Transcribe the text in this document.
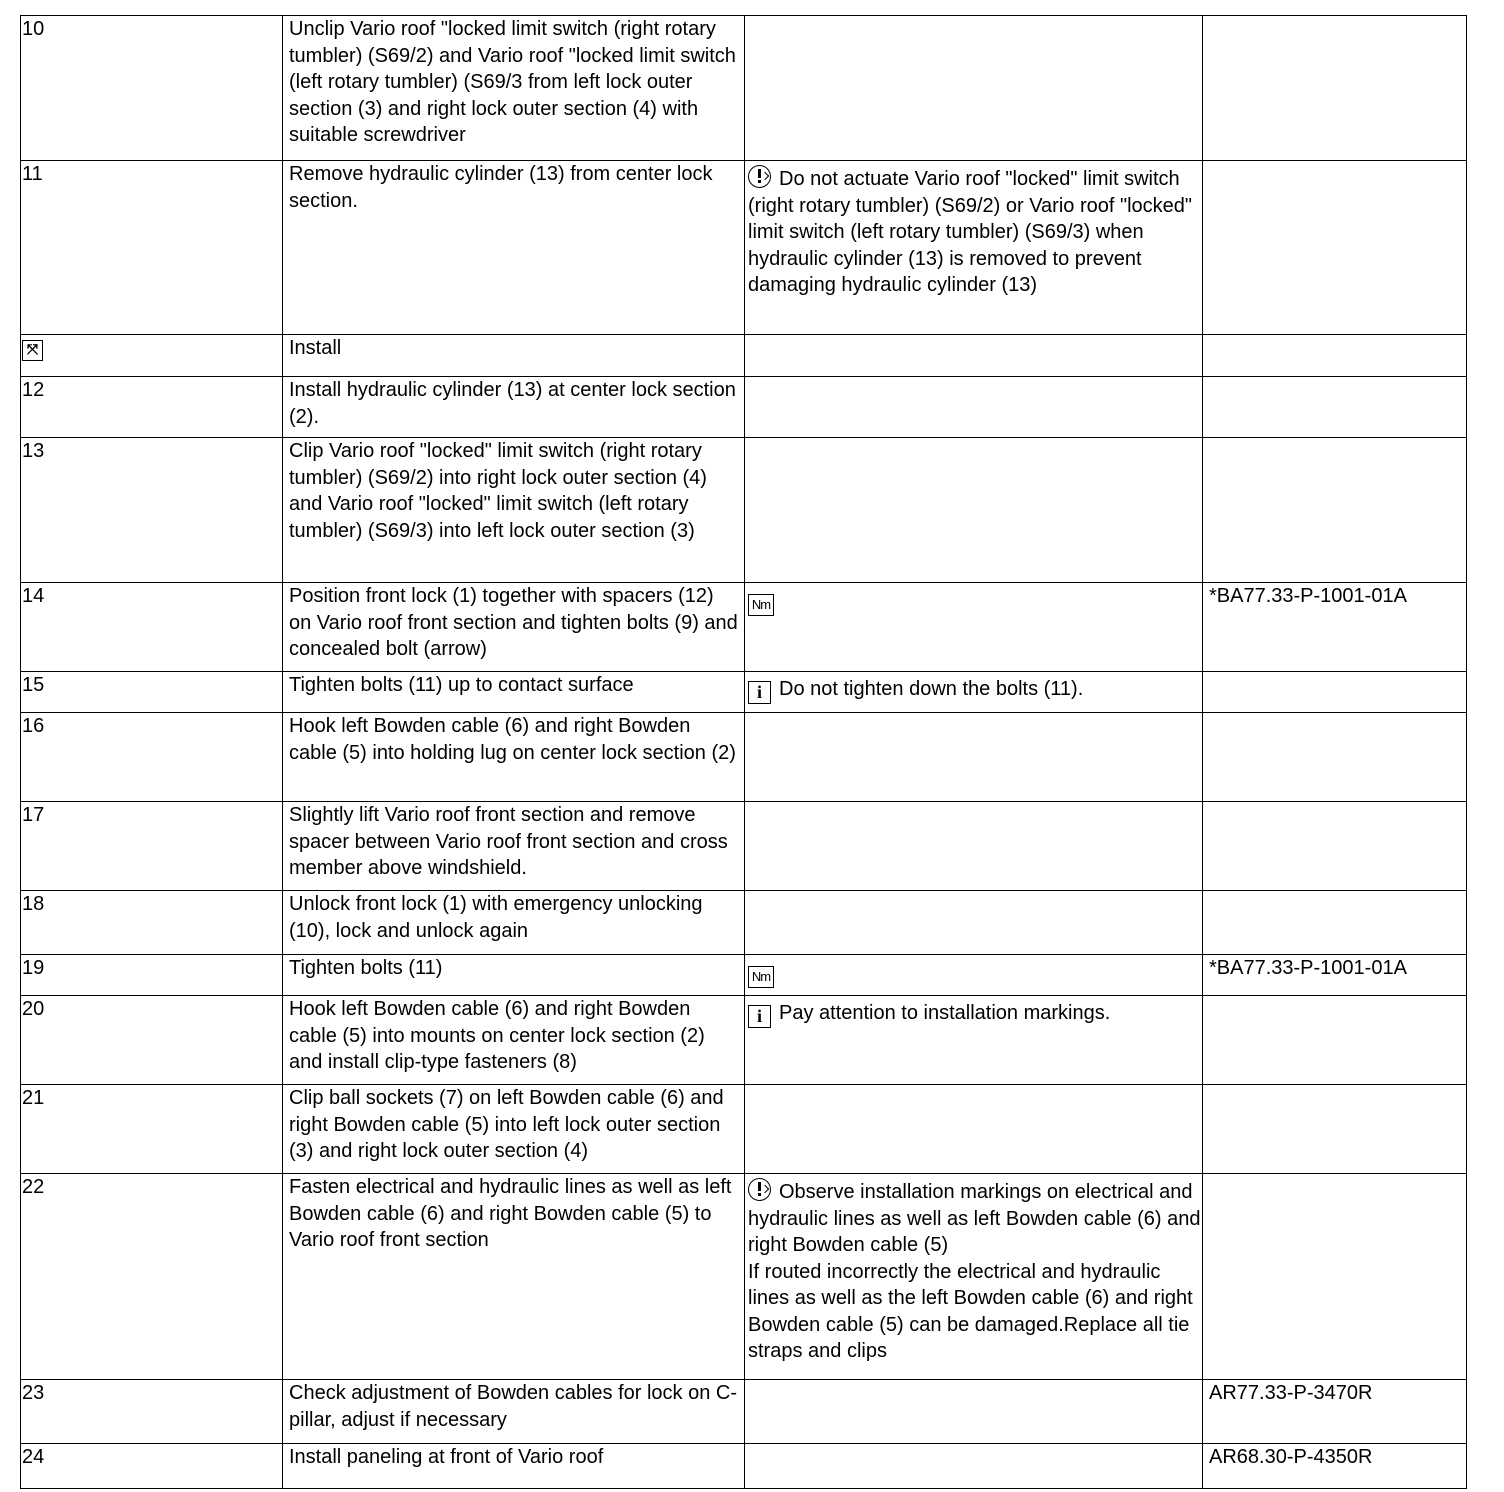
10	Unclip Vario roof "locked limit switch (right rotary tumbler) (S69/2) and Vario roof "locked limit switch (left rotary tumbler) (S69/3 from left lock outer section (3) and right lock outer section (4) with suitable screwdriver		

11	Remove hydraulic cylinder (13) from center lock section.	Do not actuate Vario roof "locked" limit switch (right rotary tumbler) (S69/2) or Vario roof "locked" limit switch (left rotary tumbler) (S69/3) when hydraulic cylinder (13) is removed to prevent damaging hydraulic cylinder (13)	

⤧	Install		

12	Install hydraulic cylinder (13) at center lock section (2).		

13	Clip Vario roof "locked" limit switch (right rotary tumbler) (S69/2) into right lock outer section (4) and Vario roof "locked" limit switch (left rotary tumbler) (S69/3) into left lock outer section (3)		

14	Position front lock (1) together with spacers (12) on Vario roof front section and tighten bolts (9) and concealed bolt (arrow)	Nm	*BA77.33-P-1001-01A

15	Tighten bolts (11) up to contact surface	i Do not tighten down the bolts (11).	

16	Hook left Bowden cable (6) and right Bowden cable (5) into holding lug on center lock section (2)		

17	Slightly lift Vario roof front section and remove spacer between Vario roof front section and cross member above windshield.		

18	Unlock front lock (1) with emergency unlocking (10), lock and unlock again		

19	Tighten bolts (11)	Nm	*BA77.33-P-1001-01A

20	Hook left Bowden cable (6) and right Bowden cable (5) into mounts on center lock section (2) and install clip-type fasteners (8)	i Pay attention to installation markings.	

21	Clip ball sockets (7) on left Bowden cable (6) and right Bowden cable (5) into left lock outer section (3) and right lock outer section (4)		

22	Fasten electrical and hydraulic lines as well as left Bowden cable (6) and right Bowden cable (5) to Vario roof front section	Observe installation markings on electrical and hydraulic lines as well as left Bowden cable (6) and right Bowden cable (5)
If routed incorrectly the electrical and hydraulic lines as well as the left Bowden cable (6) and right Bowden cable (5) can be damaged.Replace all tie straps and clips	

23	Check adjustment of Bowden cables for lock on C-pillar, adjust if necessary		AR77.33-P-3470R

24	Install paneling at front of Vario roof		AR68.30-P-4350R
